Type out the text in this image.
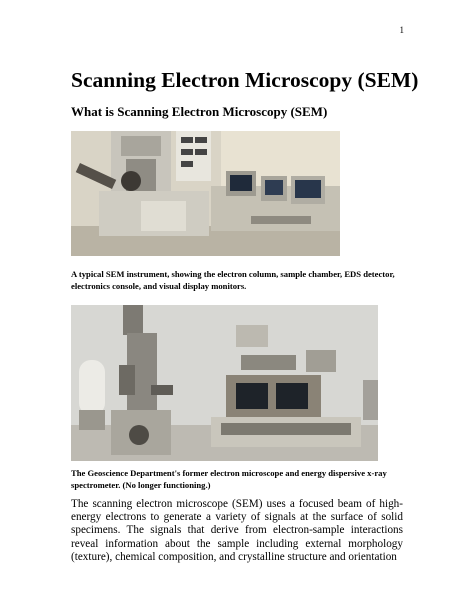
1
Scanning Electron Microscopy (SEM)
What is Scanning Electron Microscopy (SEM)

A typical SEM instrument, showing the electron column, sample chamber, EDS detector, electronics console, and visual display monitors.

The Geoscience Department's former electron microscope and energy dispersive x-ray spectrometer. (No longer functioning.)

The scanning electron microscope (SEM) uses a focused beam of high-energy electrons to generate a variety of signals at the surface of solid specimens. The signals that derive from electron-sample interactions reveal information about the sample including external morphology (texture), chemical composition, and crystalline structure and orientation
